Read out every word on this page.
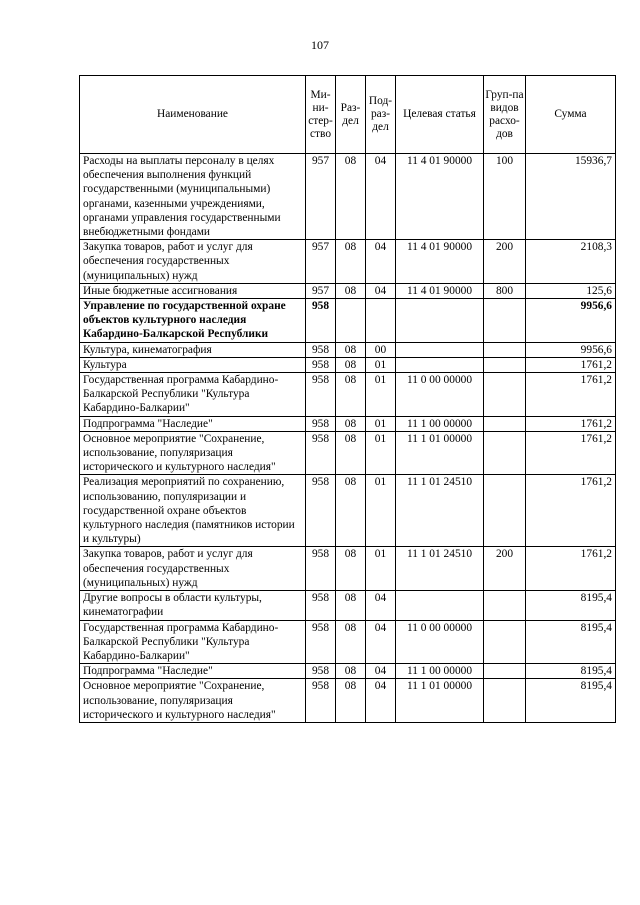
107
Наименование	Ми-ни-стер-ство	Раз-дел	Под-раз-дел	Целевая статья	Груп-па видов расхо-дов	Сумма
Расходы на выплаты персоналу в целях обеспечения выполнения функций государственными (муниципальными) органами, казенными учреждениями, органами управления государственными внебюджетными фондами	957	08	04	11 4 01 90000	100	15936,7
Закупка товаров, работ и услуг для обеспечения государственных (муниципальных) нужд	957	08	04	11 4 01 90000	200	2108,3
Иные бюджетные ассигнования	957	08	04	11 4 01 90000	800	125,6
Управление по государственной охране объектов культурного наследия Кабардино-Балкарской Республики	958					9956,6
Культура, кинематография	958	08	00			9956,6
Культура	958	08	01			1761,2
Государственная программа Кабардино-Балкарской Республики "Культура Кабардино-Балкарии"	958	08	01	11 0 00 00000		1761,2
Подпрограмма "Наследие"	958	08	01	11 1 00 00000		1761,2
Основное мероприятие "Сохранение, использование, популяризация исторического и культурного наследия"	958	08	01	11 1 01 00000		1761,2
Реализация мероприятий по сохранению, использованию, популяризации и государственной охране объектов культурного наследия (памятников истории и культуры)	958	08	01	11 1 01 24510		1761,2
Закупка товаров, работ и услуг для обеспечения государственных (муниципальных) нужд	958	08	01	11 1 01 24510	200	1761,2
Другие вопросы в области культуры, кинематографии	958	08	04			8195,4
Государственная программа Кабардино-Балкарской Республики "Культура Кабардино-Балкарии"	958	08	04	11 0 00 00000		8195,4
Подпрограмма "Наследие"	958	08	04	11 1 00 00000		8195,4
Основное мероприятие "Сохранение, использование, популяризация исторического и культурного наследия"	958	08	04	11 1 01 00000		8195,4
